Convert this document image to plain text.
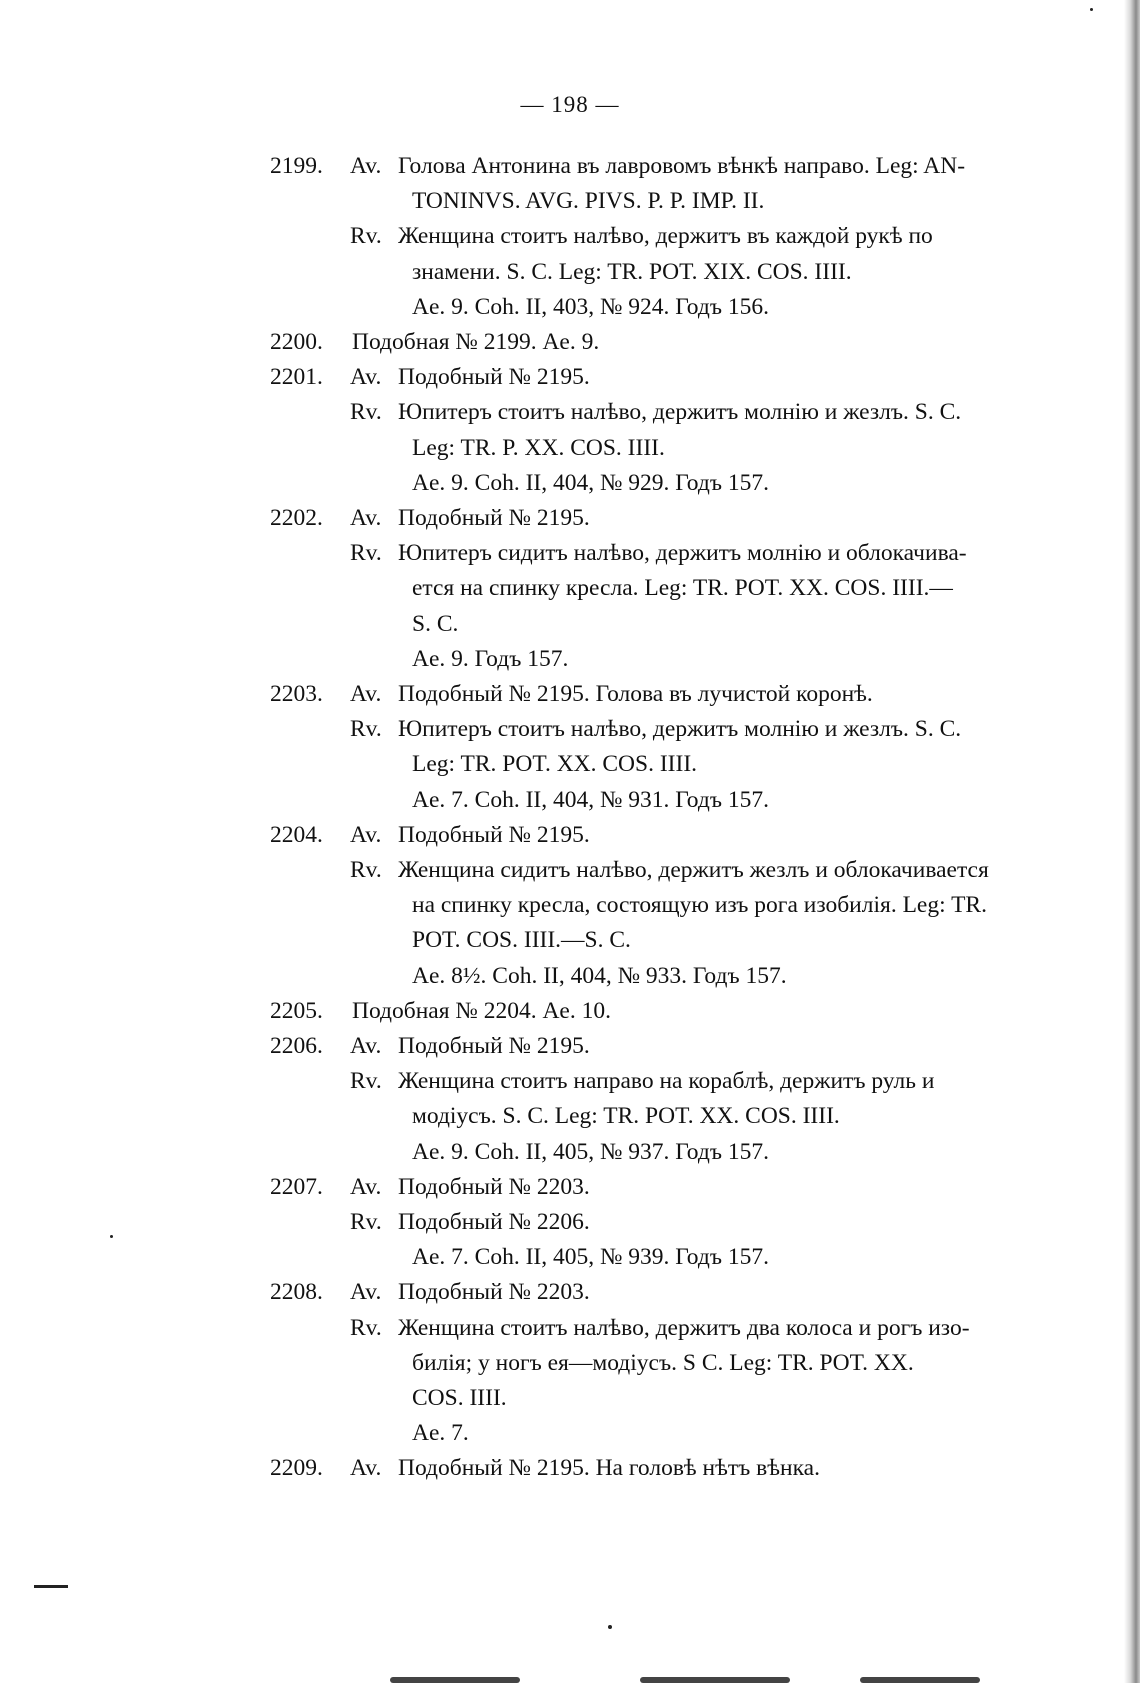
— 198 —
2199. Av. Голова Антонина въ лавровомъ вѣнкѣ направо. Leg: AN-
TONINVS. AVG. PIVS. P. P. IMP. II.
Rv. Женщина стоитъ налѣво, держитъ въ каждой рукѣ по
знамени. S. C. Leg: TR. POT. XIX. COS. IIII.
Ae. 9. Coh. II, 403, № 924. Годъ 156.
2200. Подобная № 2199. Ae. 9.
2201. Av. Подобный № 2195.
Rv. Юпитеръ стоитъ налѣво, держитъ молнію и жезлъ. S. C.
Leg: TR. P. XX. COS. IIII.
Ae. 9. Coh. II, 404, № 929. Годъ 157.
2202. Av. Подобный № 2195.
Rv. Юпитеръ сидитъ налѣво, держитъ молнію и облокачива-
ется на спинку кресла. Leg: TR. POT. XX. COS. IIII.—
S. C.
Ae. 9. Годъ 157.
2203. Av. Подобный № 2195. Голова въ лучистой коронѣ.
Rv. Юпитеръ стоитъ налѣво, держитъ молнію и жезлъ. S. C.
Leg: TR. POT. XX. COS. IIII.
Ae. 7. Coh. II, 404, № 931. Годъ 157.
2204. Av. Подобный № 2195.
Rv. Женщина сидитъ налѣво, держитъ жезлъ и облокачивается
на спинку кресла, состоящую изъ рога изобилія. Leg: TR.
POT. COS. IIII.—S. C.
Ae. 8½. Coh. II, 404, № 933. Годъ 157.
2205. Подобная № 2204. Ae. 10.
2206. Av. Подобный № 2195.
Rv. Женщина стоитъ направо на кораблѣ, держитъ руль и
модіусъ. S. C. Leg: TR. POT. XX. COS. IIII.
Ae. 9. Coh. II, 405, № 937. Годъ 157.
2207. Av. Подобный № 2203.
Rv. Подобный № 2206.
Ae. 7. Coh. II, 405, № 939. Годъ 157.
2208. Av. Подобный № 2203.
Rv. Женщина стоитъ налѣво, держитъ два колоса и рогъ изо-
билія; у ногъ ея—модіусъ. S C. Leg: TR. POT. XX.
COS. IIII.
Ae. 7.
2209. Av. Подобный № 2195. На головѣ нѣтъ вѣнка.
